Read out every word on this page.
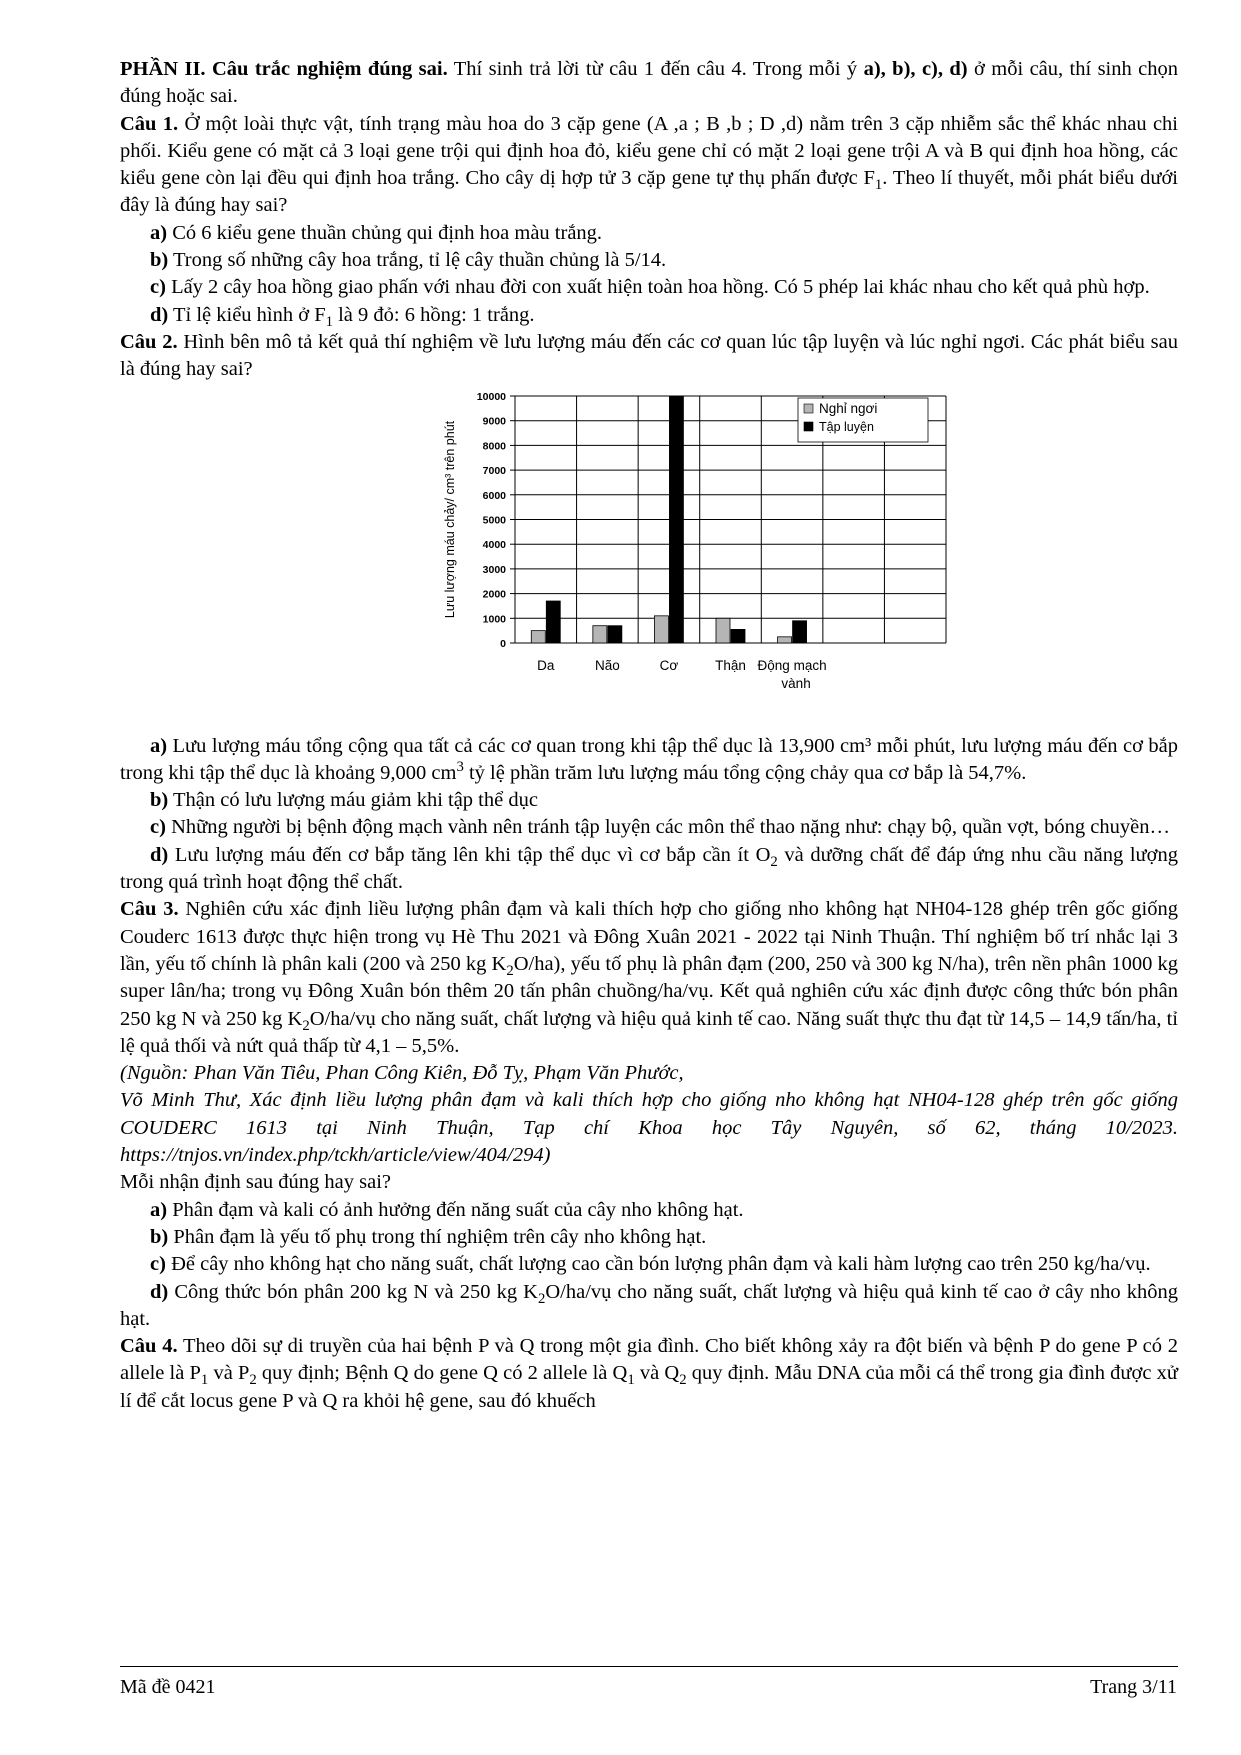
PHẦN II. Câu trắc nghiệm đúng sai. Thí sinh trả lời từ câu 1 đến câu 4. Trong mỗi ý a), b), c), d) ở mỗi câu, thí sinh chọn đúng hoặc sai.

Câu 1. Ở một loài thực vật, tính trạng màu hoa do 3 cặp gene (A ,a ; B ,b ; D ,d) nằm trên 3 cặp nhiễm sắc thể khác nhau chi phối. Kiểu gene có mặt cả 3 loại gene trội qui định hoa đỏ, kiểu gene chỉ có mặt 2 loại gene trội A và B qui định hoa hồng, các kiểu gene còn lại đều qui định hoa trắng. Cho cây dị hợp tử 3 cặp gene tự thụ phấn được $F_1$. Theo lí thuyết, mỗi phát biểu dưới đây là đúng hay sai?

a) Có 6 kiểu gene thuần chủng qui định hoa màu trắng.

b) Trong số những cây hoa trắng, tỉ lệ cây thuần chủng là 5/14.

c) Lấy 2 cây hoa hồng giao phấn với nhau đời con xuất hiện toàn hoa hồng. Có 5 phép lai khác nhau cho kết quả phù hợp.

d) Tỉ lệ kiểu hình ở $F_1$ là 9 đỏ: 6 hồng: 1 trắng.

Câu 2. Hình bên mô tả kết quả thí nghiệm về lưu lượng máu đến các cơ quan lúc tập luyện và lúc nghỉ ngơi. Các phát biểu sau là đúng hay sai?

0
1000
2000
3000
4000
5000
6000
7000
8000
9000
10000
Da	Não	Cơ	Thận Động mạch
vành
Lưu lượng máu chảy/ cm³ trên phút
Nghỉ ngơi
Tập luyện

a) Lưu lượng máu tổng cộng qua tất cả các cơ quan trong khi tập thể dục là 13,900 cm³ mỗi phút, lưu lượng máu đến cơ bắp trong khi tập thể dục là khoảng 9,000 $cm^3$ tỷ lệ phần trăm lưu lượng máu tổng cộng chảy qua cơ bắp là 54,7%.

b) Thận có lưu lượng máu giảm khi tập thể dục

c) Những người bị bệnh động mạch vành nên tránh tập luyện các môn thể thao nặng như: chạy bộ, quần vợt, bóng chuyền…

d) Lưu lượng máu đến cơ bắp tăng lên khi tập thể dục vì cơ bắp cần ít $O_2$ và dưỡng chất để đáp ứng nhu cầu năng lượng trong quá trình hoạt động thể chất.

Câu 3. Nghiên cứu xác định liều lượng phân đạm và kali thích hợp cho giống nho không hạt NH04-128 ghép trên gốc giống Couderc 1613 được thực hiện trong vụ Hè Thu 2021 và Đông Xuân 2021 - 2022 tại Ninh Thuận. Thí nghiệm bố trí nhắc lại 3 lần, yếu tố chính là phân kali (200 và 250 kg $K_2O/ha$), yếu tố phụ là phân đạm (200, 250 và 300 kg N/ha), trên nền phân 1000 kg super lân/ha; trong vụ Đông Xuân bón thêm 20 tấn phân chuồng/ha/vụ. Kết quả nghiên cứu xác định được công thức bón phân 250 kg N và 250 kg $K_2O/ha/vụ$ cho năng suất, chất lượng và hiệu quả kinh tế cao. Năng suất thực thu đạt từ 14,5 – 14,9 tấn/ha, tỉ lệ quả thối và nứt quả thấp từ 4,1 – 5,5%.

(Nguồn: Phan Văn Tiêu, Phan Công Kiên, Đỗ Tỵ, Phạm Văn Phước,

Võ Minh Thư, Xác định liều lượng phân đạm và kali thích hợp cho giống nho không hạt NH04-128 ghép trên gốc giống COUDERC 1613 tại Ninh Thuận, Tạp chí Khoa học Tây Nguyên, số 62, tháng 10/2023. https://tnjos.vn/index.php/tckh/article/view/404/294)

Mỗi nhận định sau đúng hay sai?

a) Phân đạm và kali có ảnh hưởng đến năng suất của cây nho không hạt.

b) Phân đạm là yếu tố phụ trong thí nghiệm trên cây nho không hạt.

c) Để cây nho không hạt cho năng suất, chất lượng cao cần bón lượng phân đạm và kali hàm lượng cao trên 250 kg/ha/vụ.

d) Công thức bón phân 200 kg N và 250 kg $K_2O/ha/vụ$ cho năng suất, chất lượng và hiệu quả kinh tế cao ở cây nho không hạt.

Câu 4. Theo dõi sự di truyền của hai bệnh P và Q trong một gia đình. Cho biết không xảy ra đột biến và bệnh P do gene P có 2 allele là $P_1$ và $P_2$ quy định; Bệnh Q do gene Q có 2 allele là $Q_1$ và $Q_2$ quy định. Mẫu DNA của mỗi cá thể trong gia đình được xử lí để cắt locus gene P và Q ra khỏi hệ gene, sau đó khuếch

Mã đề 0421	Trang 3/11
